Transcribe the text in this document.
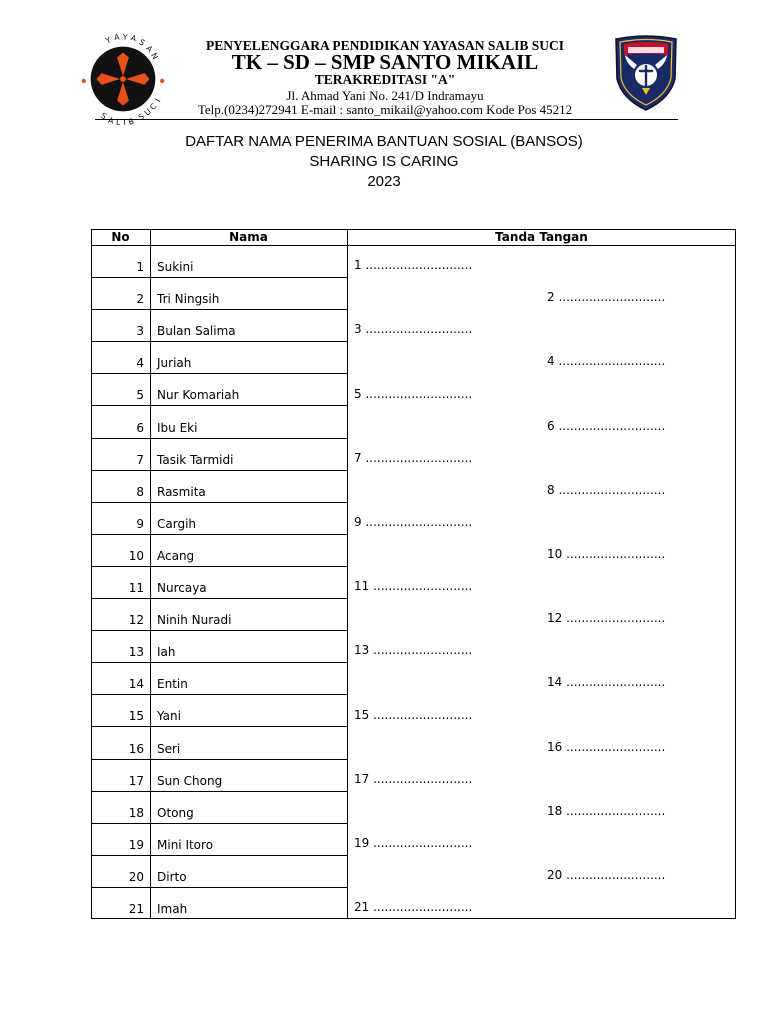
Y A Y A S
A
N
S A L I B S
U
C
I
PENYELENGGARA PENDIDIKAN YAYASAN SALIB SUCI
TK – SD – SMP SANTO MIKAIL
TERAKREDITASI "A"
Jl. Ahmad Yani No. 241/D Indramayu
Telp.(0234)272941 E-mail : santo_mikail@yahoo.com Kode Pos 45212
DAFTAR NAMA PENERIMA BANTUAN SOSIAL (BANSOS)
SHARING IS CARING
2023
No	Nama	Tanda Tangan
1 Sukini
2 Tri Ningsih
3 Bulan Salima
4 Juriah
5 Nur Komariah
6 Ibu Eki
7 Tasik Tarmidi
8 Rasmita
9 Cargih
10 Acang
11 Nurcaya
12 Ninih Nuradi
13 Iah
14 Entin
15 Yani
16 Seri
17 Sun Chong
18 Otong
19 Mini Itoro
20 Dirto
21 Imah
1 ............................
2 ............................
3 ............................
4 ............................
5 ............................
6 ............................
7 ............................
8 ............................
9 ............................
10 ..........................
11 ..........................
12 ..........................
13 ..........................
14 ..........................
15 ..........................
16 ..........................
17 ..........................
18 ..........................
19 ..........................
20 ..........................
21 ..........................
